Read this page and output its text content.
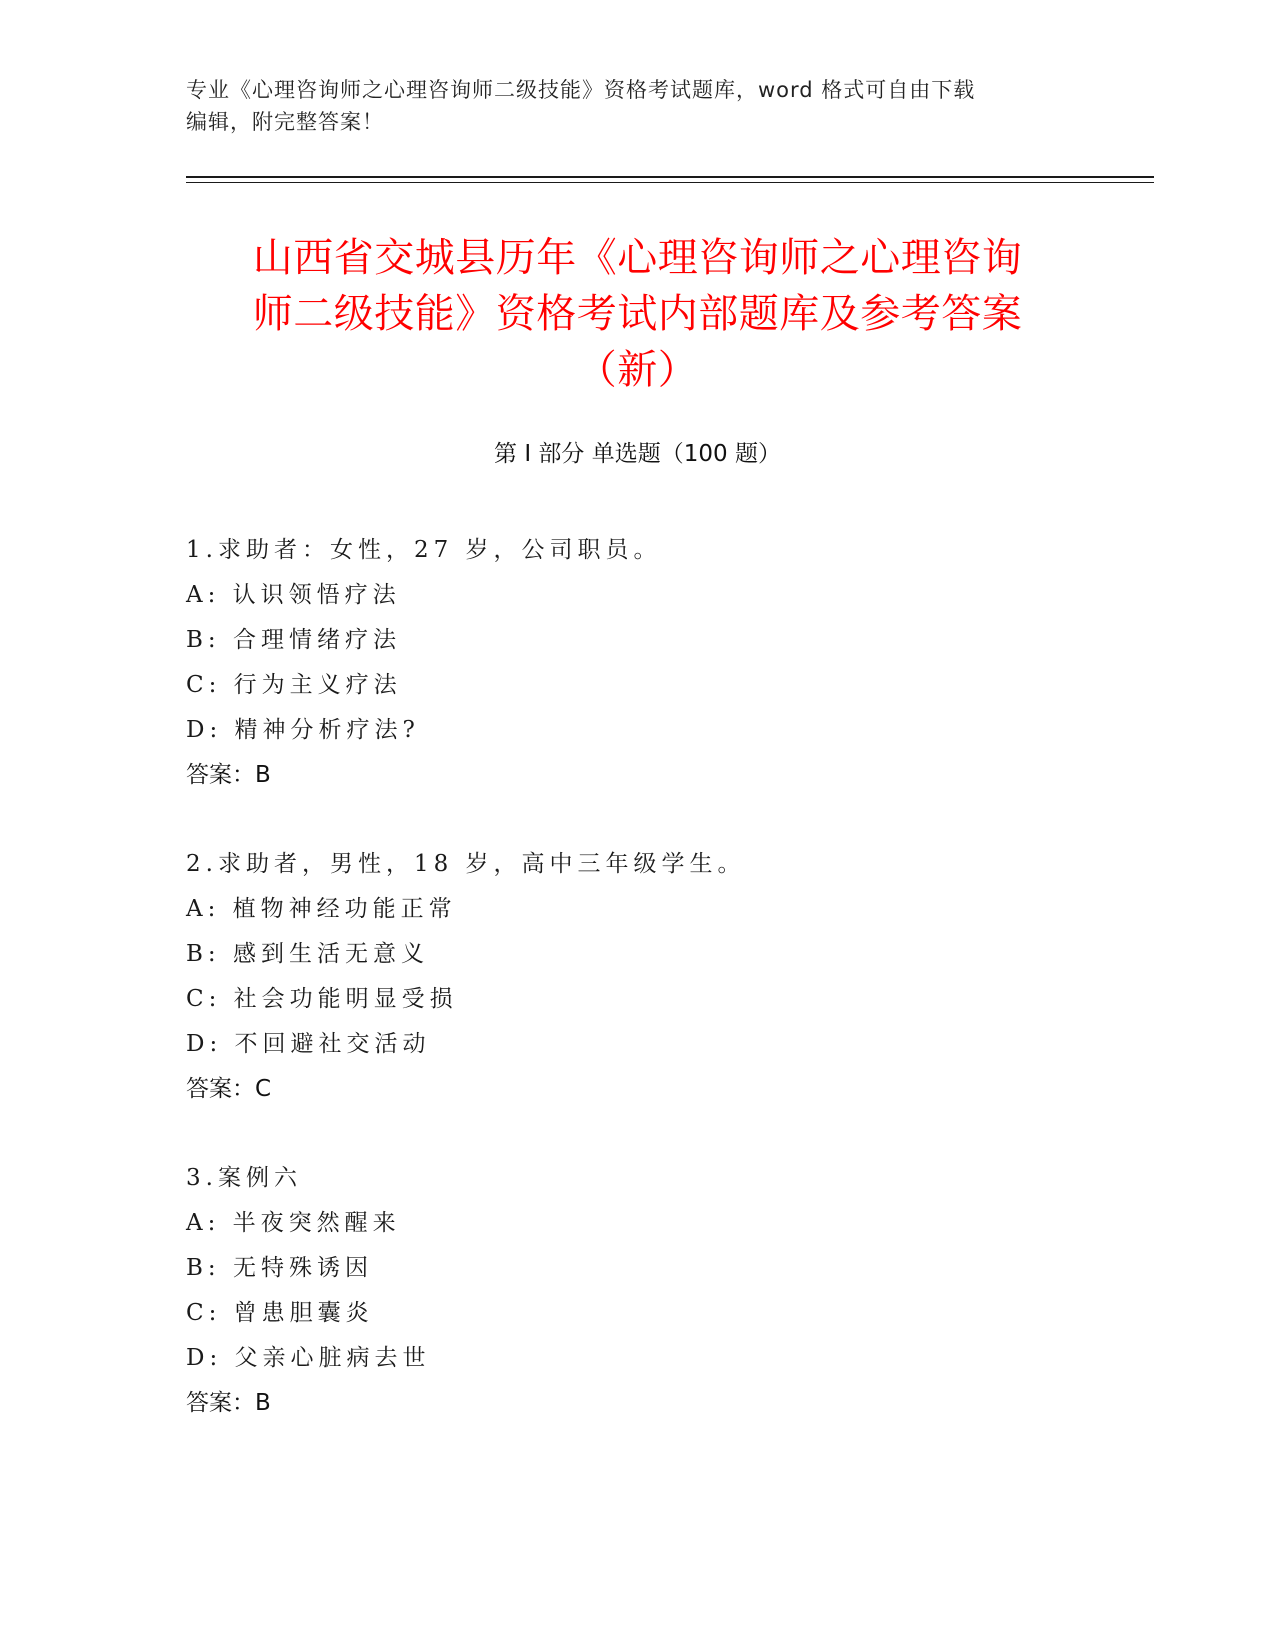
专业《心理咨询师之心理咨询师二级技能》资格考试题库，word 格式可自由下载
编辑，附完整答案！
山西省交城县历年《心理咨询师之心理咨询
师二级技能》资格考试内部题库及参考答案
（新）
第 I 部分 单选题（100 题）
1.求助者：女性，27 岁，公司职员。
A: 认识领悟疗法
B: 合理情绪疗法
C: 行为主义疗法
D: 精神分析疗法?
答案：B
2.求助者，男性，18 岁，高中三年级学生。
A: 植物神经功能正常
B: 感到生活无意义
C: 社会功能明显受损
D: 不回避社交活动
答案：C
3.案例六
A: 半夜突然醒来
B: 无特殊诱因
C: 曾患胆囊炎
D: 父亲心脏病去世
答案：B
